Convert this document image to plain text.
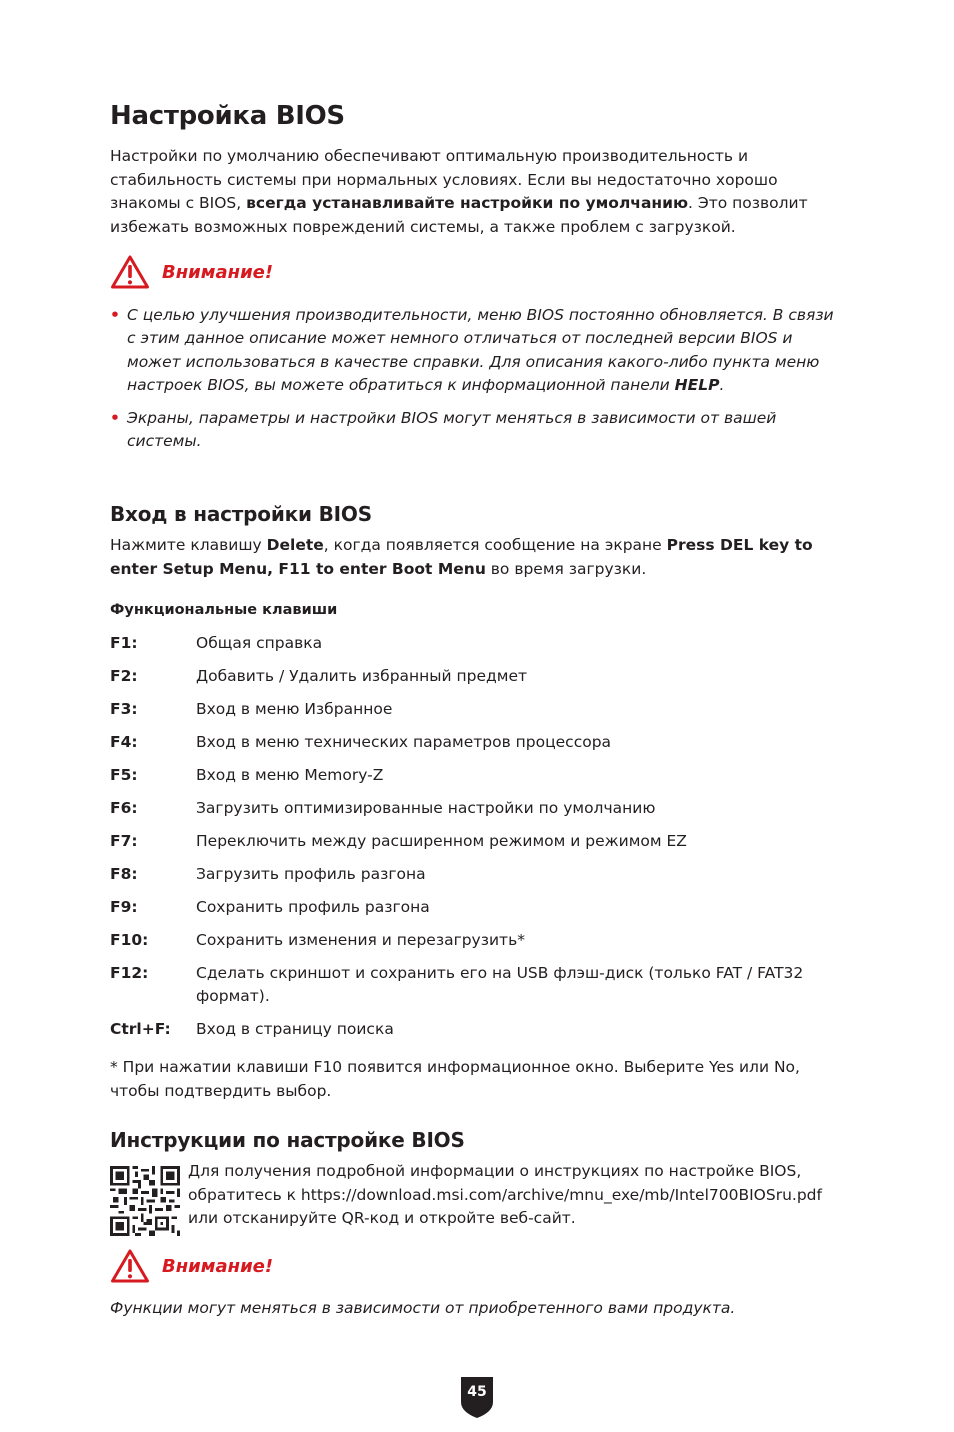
Настройка BIOS

Настройки по умолчанию обеспечивают оптимальную производительность и стабильность системы при нормальных условиях. Если вы недостаточно хорошо знакомы с BIOS, всегда устанавливайте настройки по умолчанию. Это позволит избежать возможных повреждений системы, а также проблем с загрузкой.

Внимание!
• С целью улучшения производительности, меню BIOS постоянно обновляется. В связи с этим данное описание может немного отличаться от последней версии BIOS и может использоваться в качестве справки. Для описания какого-либо пункта меню настроек BIOS, вы можете обратиться к информационной панели HELP.
• Экраны, параметры и настройки BIOS могут меняться в зависимости от вашей системы.
Вход в настройки BIOS

Нажмите клавишу Delete, когда появляется сообщение на экране Press DEL key to enter Setup Menu, F11 to enter Boot Menu во время загрузки.

Функциональные клавиши
F1:	Общая справка
F2:	Добавить / Удалить избранный предмет
F3:	Вход в меню Избранное
F4:	Вход в меню технических параметров процессора
F5:	Вход в меню Memory-Z
F6:	Загрузить оптимизированные настройки по умолчанию
F7:	Переключить между расширенном режимом и режимом EZ
F8:	Загрузить профиль разгона
F9:	Сохранить профиль разгона
F10:	Сохранить изменения и перезагрузить*
F12:	Сделать скриншот и сохранить его на USB флэш-диск (только FAT / FAT32 формат).
Ctrl+F:	Вход в страницу поиска

* При нажатии клавиши F10 появится информационное окно. Выберите Yes или No, чтобы подтвердить выбор.

Инструкции по настройке BIOS
Для получения подробной информации о инструкциях по настройке BIOS, обратитесь к https://download.msi.com/archive/mnu_exe/mb/Intel700BIOSru.pdf или отсканируйте QR-код и откройте веб-сайт.
Внимание!

Функции могут меняться в зависимости от приобретенного вами продукта.

45
